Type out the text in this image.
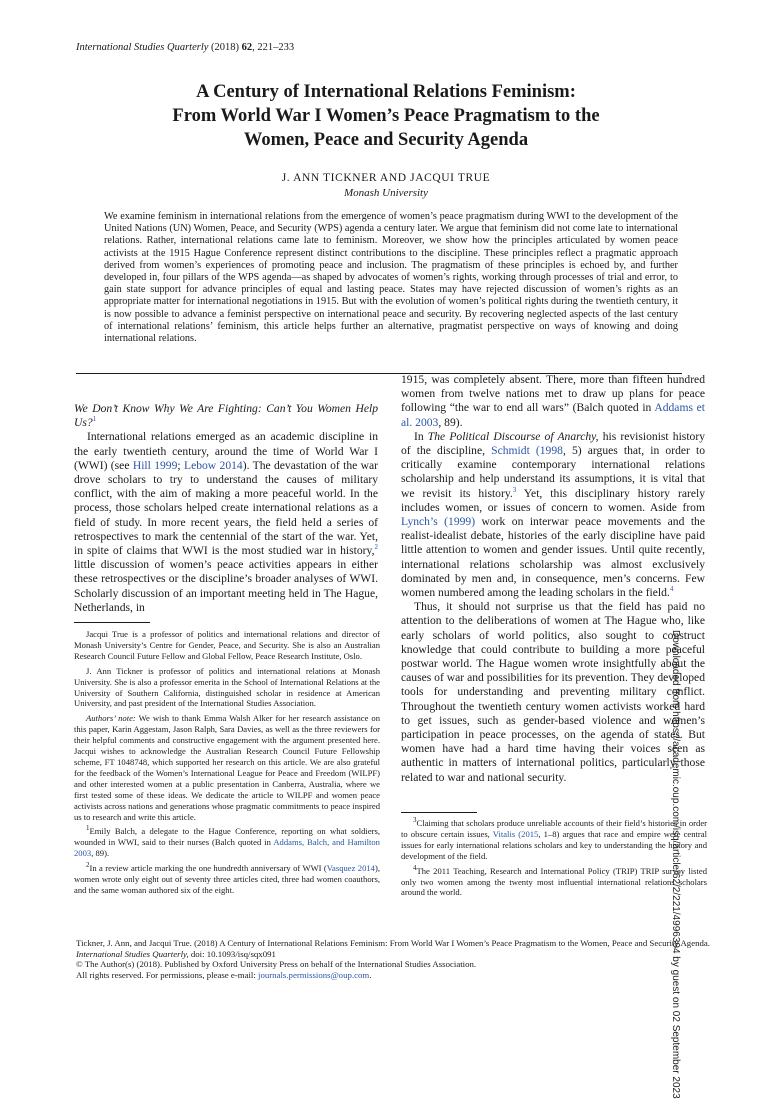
International Studies Quarterly (2018) 62, 221–233
A Century of International Relations Feminism:
From World War I Women’s Peace Pragmatism to the
Women, Peace and Security Agenda
J. ANN TICKNER AND JACQUI TRUE
Monash University
We examine feminism in international relations from the emergence of women’s peace pragmatism during WWI to the development of the United Nations (UN) Women, Peace, and Security (WPS) agenda a century later. We argue that feminism did not come late to international relations. Rather, international relations came late to feminism. Moreover, we show how the principles articulated by women peace activists at the 1915 Hague Conference represent distinct contributions to the discipline. These principles reflect a pragmatic approach derived from women’s experiences of promoting peace and inclusion. The pragmatism of these principles is echoed by, and further developed in, four pillars of the WPS agenda—as shaped by advocates of women’s rights, working through processes of trial and error, to gain state support for advance principles of equal and lasting peace. States may have rejected discussion of women’s rights as an appropriate matter for international negotiations in 1915. But with the evolution of women’s political rights during the twentieth century, it is now possible to advance a feminist perspective on international peace and security. By recovering neglected aspects of the last century of international relations’ feminism, this article helps further an alternative, pragmatist perspective on ways of knowing and doing international relations.

We Don’t Know Why We Are Fighting: Can’t You Women Help Us?$^1$

International relations emerged as an academic discipline in the early twentieth century, around the time of World War I (WWI) (see Hill 1999; Lebow 2014). The devastation of the war drove scholars to try to understand the causes of military conflict, with the aim of making a more peaceful world. In the process, those scholars helped create international relations as a field of study. In more recent years, the field held a series of retrospectives to mark the centennial of the start of the war. Yet, in spite of claims that WWI is the most studied war in history,$^2$ little discussion of women’s peace activities appears in either these retrospectives or the discipline’s broader analyses of WWI. Scholarly discussion of an important meeting held in The Hague, Netherlands, in

1915, was completely absent. There, more than fifteen hundred women from twelve nations met to draw up plans for peace following “the war to end all wars” (Balch quoted in Addams et al. 2003, 89).

In The Political Discourse of Anarchy, his revisionist history of the discipline, Schmidt (1998, 5) argues that, in order to critically examine contemporary international relations scholarship and help understand its assumptions, it is vital that we revisit its history.$^3$ Yet, this disciplinary history rarely includes women, or issues of concern to women. Aside from Lynch’s (1999) work on interwar peace movements and the realist-idealist debate, histories of the early discipline have paid little attention to women and gender issues. Until quite recently, international relations scholarship was almost exclusively dominated by men and, in consequence, men’s concerns. Few women numbered among the leading scholars in the field.$^4$

Thus, it should not surprise us that the field has paid no attention to the deliberations of women at The Hague who, like early scholars of world politics, also sought to construct knowledge that could contribute to building a more peaceful postwar world. The Hague women wrote insightfully about the causes of war and possibilities for its prevention. They developed tools for understanding and preventing military conflict. Throughout the twentieth century women activists worked hard to get issues, such as gender-based violence and women’s participation in peace processes, on the agenda of states. But women have had a hard time having their voices seen as authentic in matters of international politics, particularly those related to war and national security.

Jacqui True is a professor of politics and international relations and director of Monash University’s Centre for Gender, Peace, and Security. She is also an Australian Research Council Future Fellow and Global Fellow, Peace Research Institute, Oslo.

J. Ann Tickner is professor of politics and international relations at Monash University. She is also a professor emerita in the School of International Relations at the University of Southern California, distinguished scholar in residence at American University, and past president of the International Studies Association.

Authors’ note: We wish to thank Emma Walsh Alker for her research assistance on this paper, Karin Aggestam, Jason Ralph, Sara Davies, as well as the three reviewers for their helpful comments and constructive engagement with the argument presented here. Jacqui wishes to acknowledge the Australian Research Council Future Fellowship scheme, FT 1048748, which supported her research on this article. We are also grateful for the feedback of the Women’s International League for Peace and Freedom (WILPF) and other interested women at a public presentation in Canberra, Australia, where we first tested some of these ideas. We dedicate the article to WILPF and women peace activists across nations and generations whose pragmatic commitments to peace inspired us to research and write this article.

$^1$Emily Balch, a delegate to the Hague Conference, reporting on what soldiers, wounded in WWI, said to their nurses (Balch quoted in Addams, Balch, and Hamilton 2003, 89).

$^2$In a review article marking the one hundredth anniversary of WWI (Vasquez 2014), women wrote only eight out of seventy three articles cited, three had women coauthors, and the same woman authored six of the eight.

$^3$Claiming that scholars produce unreliable accounts of their field’s histories in order to obscure certain issues, Vitalis (2015, 1–8) argues that race and empire were central issues for early international relations scholars and key to understanding the history and development of the field.

$^4$The 2011 Teaching, Research and International Policy (TRIP) TRIP survey listed only two women among the twenty most influential international relations scholars around the world.

Tickner, J. Ann, and Jacqui True. (2018) A Century of International Relations Feminism: From World War I Women’s Peace Pragmatism to the Women, Peace and Security Agenda.
International Studies Quarterly, doi: 10.1093/isq/sqx091
© The Author(s) (2018). Published by Oxford University Press on behalf of the International Studies Association.
All rights reserved. For permissions, please e-mail: journals.permissions@oup.com.	Downloaded from https://academic.oup.com/isq/article/62/2/221/4996394 by guest on 02 September 2023
